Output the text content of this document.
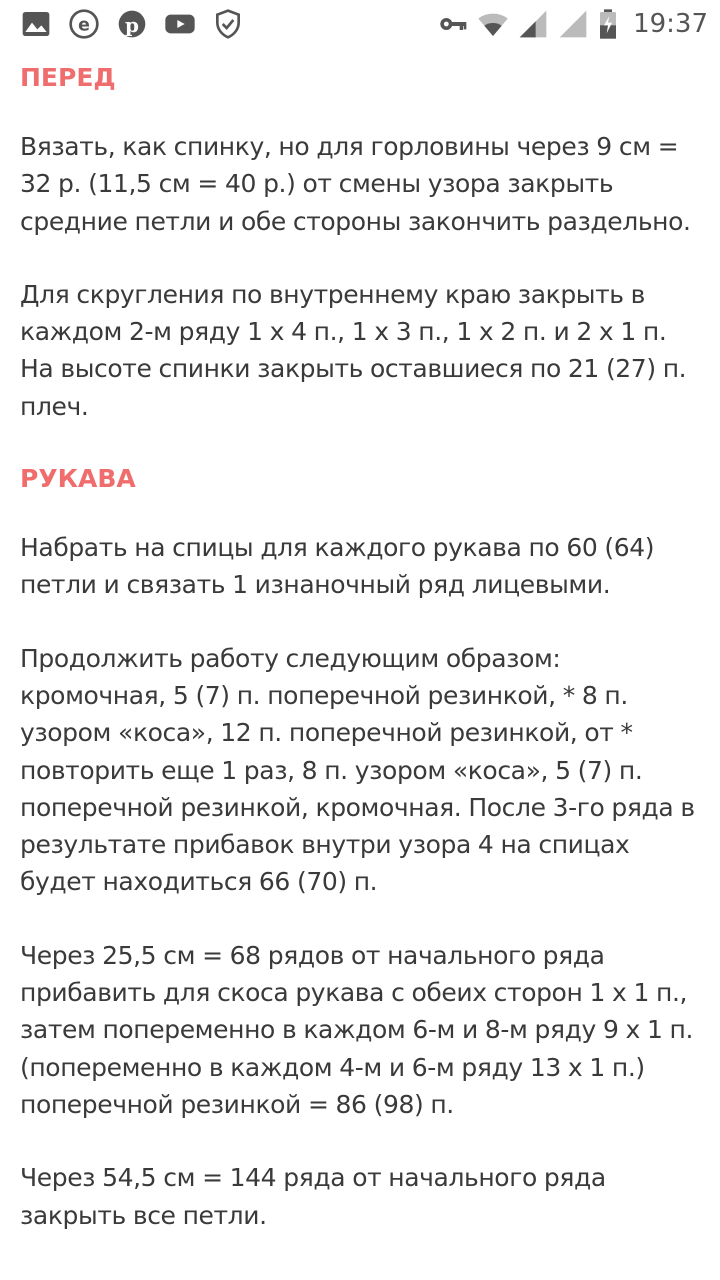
e p	19:37
ПЕРЕД

Вязать, как спинку, но для горловины через 9 см = 32 р. (11,5 см = 40 р.) от смены узора закрыть средние петли и обе стороны закончить раздельно.

Для скругления по внутреннему краю закрыть в каждом 2-м ряду 1 x 4 п., 1 x 3 п., 1 x 2 п. и 2 x 1 п. На высоте спинки закрыть оставшиеся по 21 (27) п. плеч.

РУКАВА

Набрать на спицы для каждого рукава по 60 (64) петли и связать 1 изнаночный ряд лицевыми.

Продолжить работу следующим образом: кромочная, 5 (7) п. поперечной резинкой, * 8 п. узором «коса», 12 п. поперечной резинкой, от * повторить еще 1 раз, 8 п. узором «коса», 5 (7) п. поперечной резинкой, кромочная. После 3-го ряда в результате прибавок внутри узора 4 на спицах будет находиться 66 (70) п.

Через 25,5 см = 68 рядов от начального ряда прибавить для скоса рукава с обеих сторон 1 x 1 п., затем попеременно в каждом 6-м и 8-м ряду 9 x 1 п. (попеременно в каждом 4-м и 6-м ряду 13 x 1 п.) поперечной резинкой = 86 (98) п.

Через 54,5 см = 144 ряда от начального ряда закрыть все петли.
